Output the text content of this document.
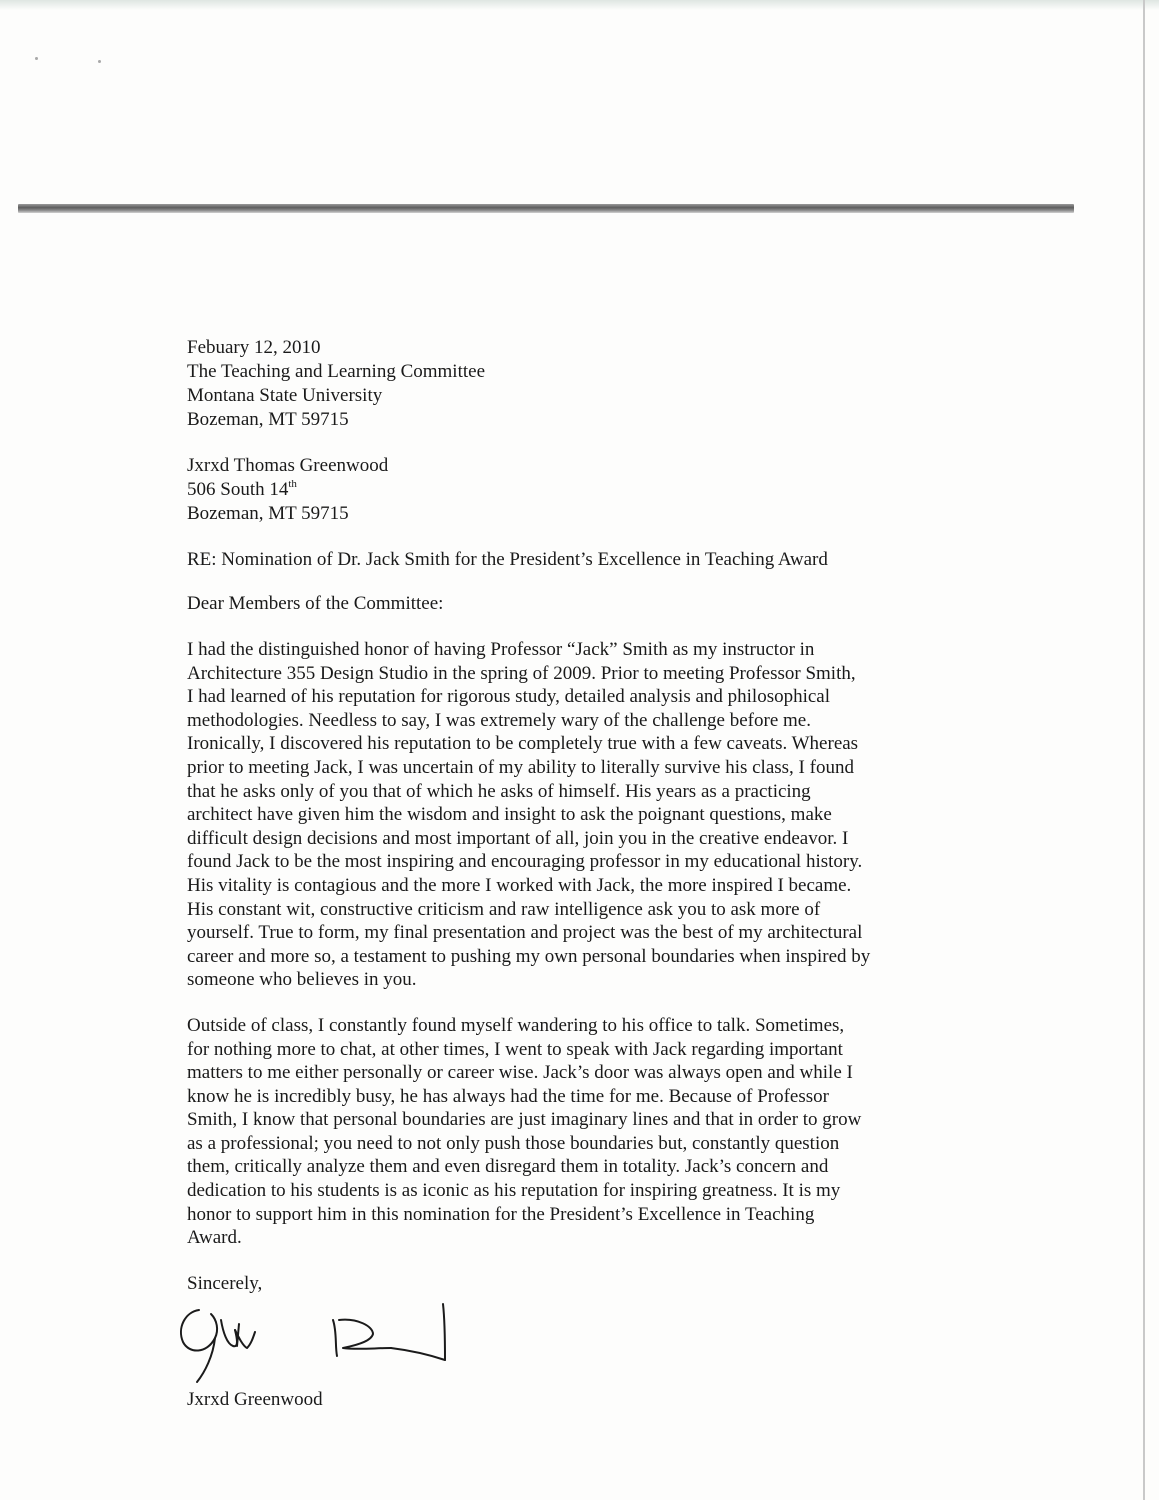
Febuary 12, 2010
The Teaching and Learning Committee
Montana State University
Bozeman, MT 59715
Jxrxd Thomas Greenwood
506 South 14th
Bozeman, MT 59715
RE: Nomination of Dr. Jack Smith for the President’s Excellence in Teaching Award
Dear Members of the Committee:
I had the distinguished honor of having Professor “Jack” Smith as my instructor in
Architecture 355 Design Studio in the spring of 2009. Prior to meeting Professor Smith,
I had learned of his reputation for rigorous study, detailed analysis and philosophical
methodologies. Needless to say, I was extremely wary of the challenge before me.
Ironically, I discovered his reputation to be completely true with a few caveats. Whereas
prior to meeting Jack, I was uncertain of my ability to literally survive his class, I found
that he asks only of you that of which he asks of himself. His years as a practicing
architect have given him the wisdom and insight to ask the poignant questions, make
difficult design decisions and most important of all, join you in the creative endeavor. I
found Jack to be the most inspiring and encouraging professor in my educational history.
His vitality is contagious and the more I worked with Jack, the more inspired I became.
His constant wit, constructive criticism and raw intelligence ask you to ask more of
yourself. True to form, my final presentation and project was the best of my architectural
career and more so, a testament to pushing my own personal boundaries when inspired by
someone who believes in you.
Outside of class, I constantly found myself wandering to his office to talk. Sometimes,
for nothing more to chat, at other times, I went to speak with Jack regarding important
matters to me either personally or career wise. Jack’s door was always open and while I
know he is incredibly busy, he has always had the time for me. Because of Professor
Smith, I know that personal boundaries are just imaginary lines and that in order to grow
as a professional; you need to not only push those boundaries but, constantly question
them, critically analyze them and even disregard them in totality. Jack’s concern and
dedication to his students is as iconic as his reputation for inspiring greatness. It is my
honor to support him in this nomination for the President’s Excellence in Teaching
Award.
Sincerely,
Jxrxd Greenwood
